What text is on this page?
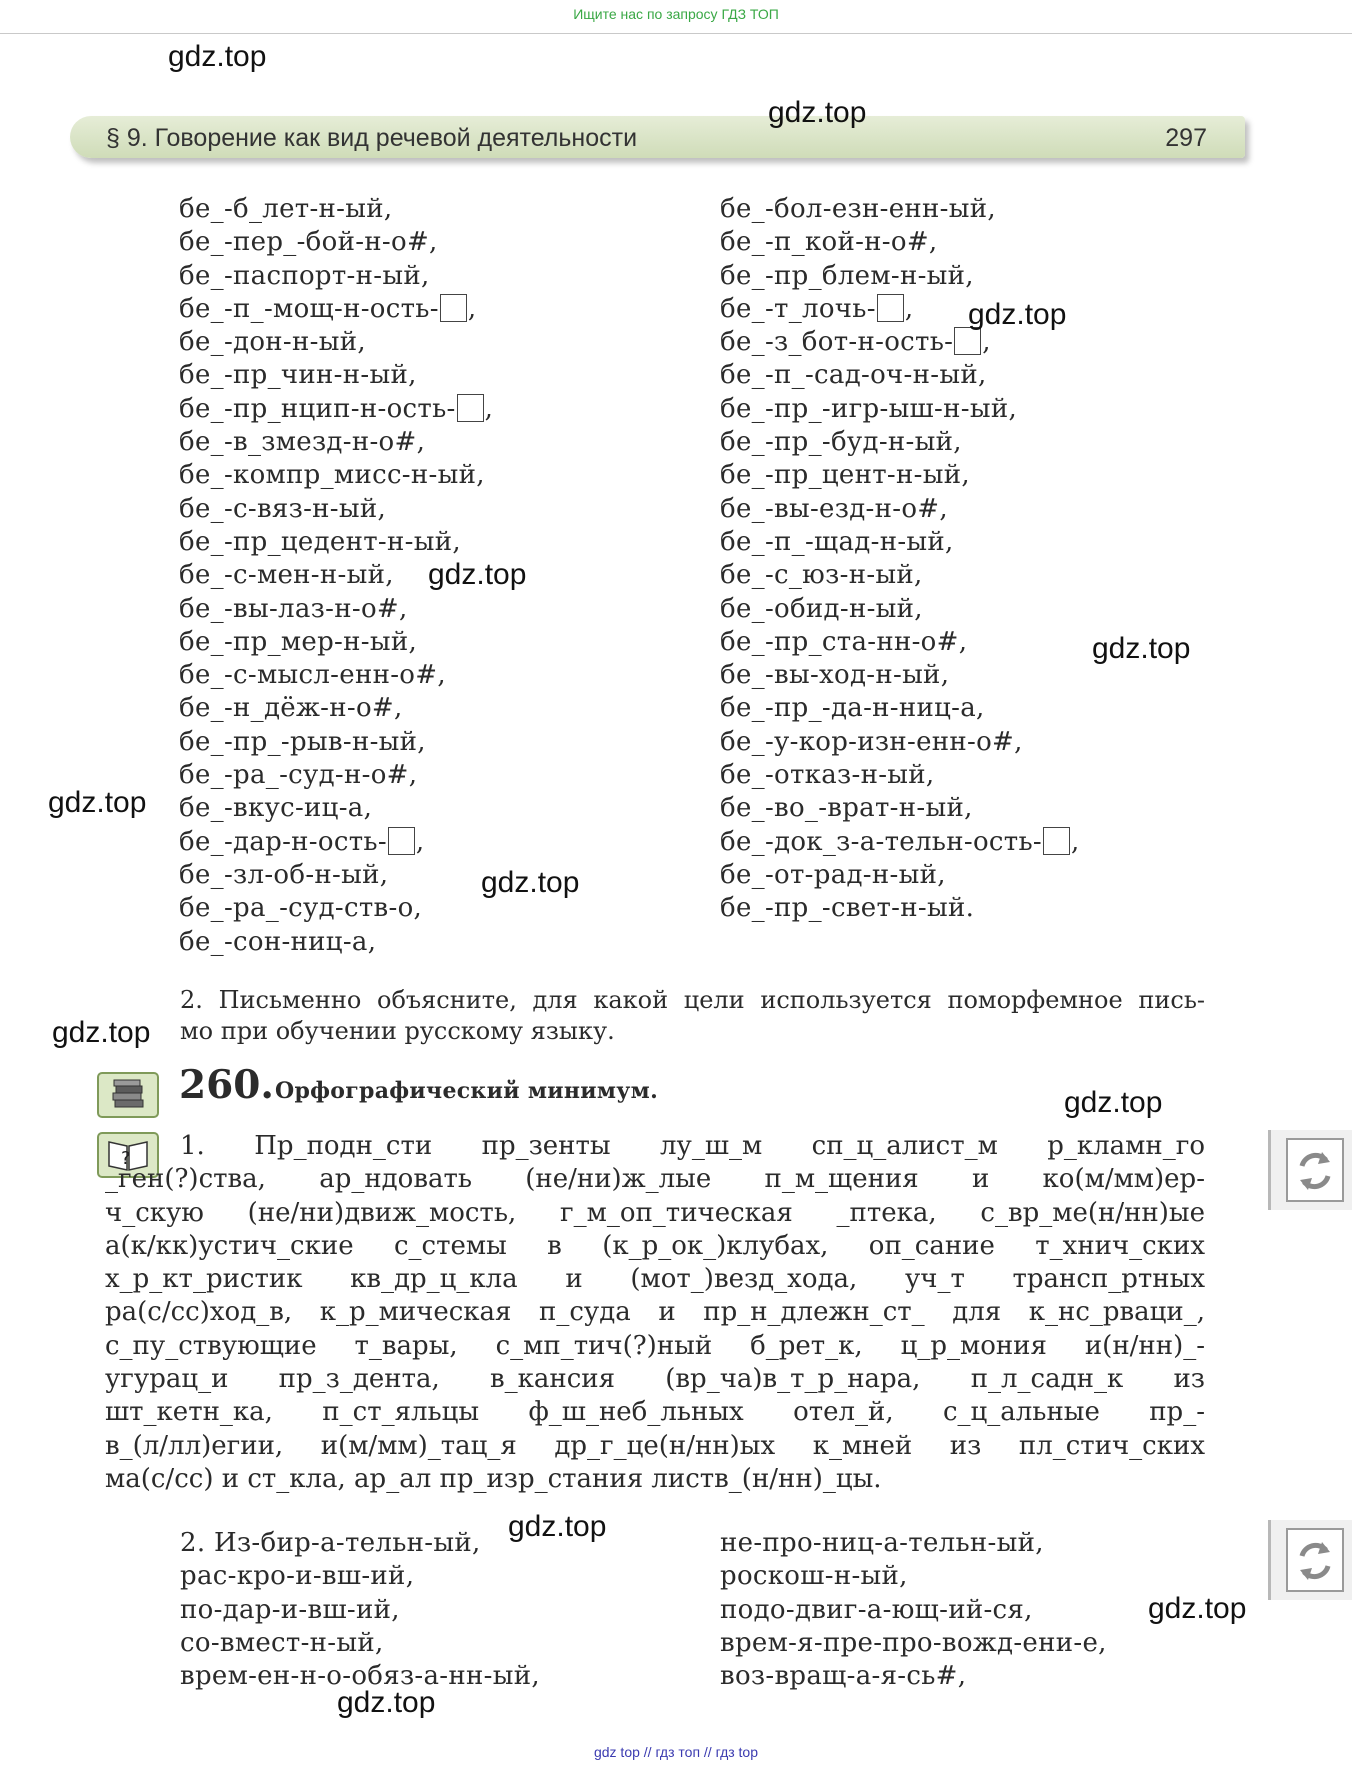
Ищите нас по запросу ГДЗ ТОП
gdz.top
gdz.top
gdz.top
gdz.top
gdz.top
gdz.top
gdz.top
gdz.top
gdz.top
gdz.top
gdz.top
gdz.top
§ 9. Говорение как вид речевой деятельности	297
бе_-б_лет-н-ый,
бе_-пер_-бой-н-о#,
бе_-паспорт-н-ый,
бе_-п_-мощ-н-ость- ,
бе_-дон-н-ый,
бе_-пр_чин-н-ый,
бе_-пр_нцип-н-ость- ,
бе_-в_змезд-н-о#,
бе_-компр_мисс-н-ый,
бе_-с-вяз-н-ый,
бе_-пр_цедент-н-ый,
бе_-с-мен-н-ый,
бе_-вы-лаз-н-о#,
бе_-пр_мер-н-ый,
бе_-с-мысл-енн-о#,
бе_-н_дёж-н-о#,
бе_-пр_-рыв-н-ый,
бе_-ра_-суд-н-о#,
бе_-вкус-иц-а,
бе_-дар-н-ость- ,
бе_-зл-об-н-ый,
бе_-ра_-суд-ств-о,
бе_-сон-ниц-а,
бе_-бол-езн-енн-ый,
бе_-п_кой-н-о#,
бе_-пр_блем-н-ый,
бе_-т_лочь- ,
бе_-з_бот-н-ость- ,
бе_-п_-сад-оч-н-ый,
бе_-пр_-игр-ыш-н-ый,
бе_-пр_-буд-н-ый,
бе_-пр_цент-н-ый,
бе_-вы-езд-н-о#,
бе_-п_-щад-н-ый,
бе_-с_юз-н-ый,
бе_-обид-н-ый,
бе_-пр_ста-нн-о#,
бе_-вы-ход-н-ый,
бе_-пр_-да-н-ниц-а,
бе_-у-кор-изн-енн-о#,
бе_-отказ-н-ый,
бе_-во_-врат-н-ый,
бе_-док_з-а-тельн-ость- ,
бе_-от-рад-н-ый,
бе_-пр_-свет-н-ый.
2. Письменно объясните, для какой цели используется поморфемное пись-
мо при обучении русскому языку.
?
260. Орфографический минимум.
1. Пр_подн_сти пр_зенты лу_ш_м сп_ц_алист_м р_кламн_го
_ген(?)ства, ар_ндовать (не/ни)ж_лые п_м_щения и ко(м/мм)ер-
ч_скую (не/ни)движ_мость, г_м_оп_тическая _птека, с_вр_ме(н/нн)ые
а(к/кк)устич_ские с_стемы в (к_р_ок_)клубах, оп_сание т_хнич_ских
х_р_кт_ристик кв_др_ц_кла и (мот_)везд_хода, уч_т трансп_ртных
ра(с/сс)ход_в, к_р_мическая п_суда и пр_н_длежн_ст_ для к_нс_рваци_,
с_пу_ствующие т_вары, с_мп_тич(?)ный б_рет_к, ц_р_мония и(н/нн)_-
угурац_и пр_з_дента, в_кансия (вр_ча)в_т_р_нара, п_л_садн_к из
шт_кетн_ка, п_ст_яльцы ф_ш_неб_льных отел_й, с_ц_альные пр_-
в_(л/лл)егии, и(м/мм)_тац_я др_г_це(н/нн)ых к_мней из пл_стич_ских
ма(с/сс) и ст_кла, ар_ал пр_изр_стания листв_(н/нн)_цы.
2. Из-бир-а-тельн-ый,
рас-кро-и-вш-ий,
по-дар-и-вш-ий,
со-вмест-н-ый,
врем-ен-н-о-обяз-а-нн-ый,
не-про-ниц-а-тельн-ый,
роскош-н-ый,
подо-двиг-а-ющ-ий-ся,
врем-я-пре-про-вожд-ени-е,
воз-вращ-а-я-сь#,
gdz top // гдз топ // гдз top
